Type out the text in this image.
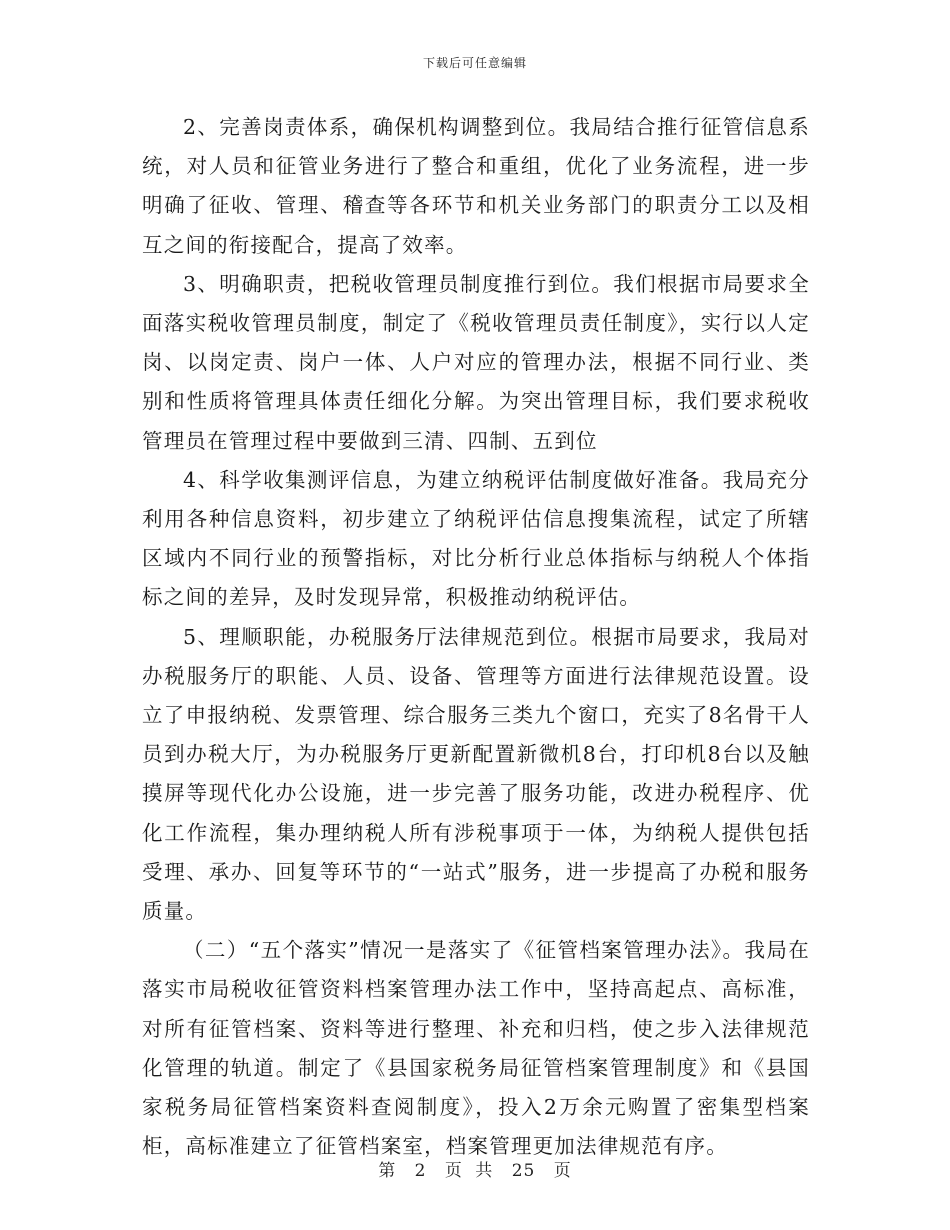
下载后可任意编辑

2、完善岗责体系，确保机构调整到位。我局结合推行征管信息系统，对人员和征管业务进行了整合和重组，优化了业务流程，进一步明确了征收、管理、稽查等各环节和机关业务部门的职责分工以及相互之间的衔接配合，提高了效率。

3、明确职责，把税收管理员制度推行到位。我们根据市局要求全面落实税收管理员制度，制定了《税收管理员责任制度》，实行以人定岗、以岗定责、岗户一体、人户对应的管理办法，根据不同行业、类别和性质将管理具体责任细化分解。为突出管理目标，我们要求税收管理员在管理过程中要做到三清、四制、五到位

4、科学收集测评信息，为建立纳税评估制度做好准备。我局充分利用各种信息资料，初步建立了纳税评估信息搜集流程，试定了所辖区域内不同行业的预警指标，对比分析行业总体指标与纳税人个体指标之间的差异，及时发现异常，积极推动纳税评估。

5、理顺职能，办税服务厅法律规范到位。根据市局要求，我局对办税服务厅的职能、人员、设备、管理等方面进行法律规范设置。设立了申报纳税、发票管理、综合服务三类九个窗口，充实了8名骨干人员到办税大厅，为办税服务厅更新配置新微机8台，打印机8台以及触摸屏等现代化办公设施，进一步完善了服务功能，改进办税程序、优化工作流程，集办理纳税人所有涉税事项于一体，为纳税人提供包括受理、承办、回复等环节的“一站式”服务，进一步提高了办税和服务质量。

（二）“五个落实”情况一是落实了《征管档案管理办法》。我局在落实市局税收征管资料档案管理办法工作中，坚持高起点、高标准，对所有征管档案、资料等进行整理、补充和归档，使之步入法律规范化管理的轨道。制定了《县国家税务局征管档案管理制度》和《县国家税务局征管档案资料查阅制度》，投入2万余元购置了密集型档案柜，高标准建立了征管档案室，档案管理更加法律规范有序。

第 2 页 共 25 页
